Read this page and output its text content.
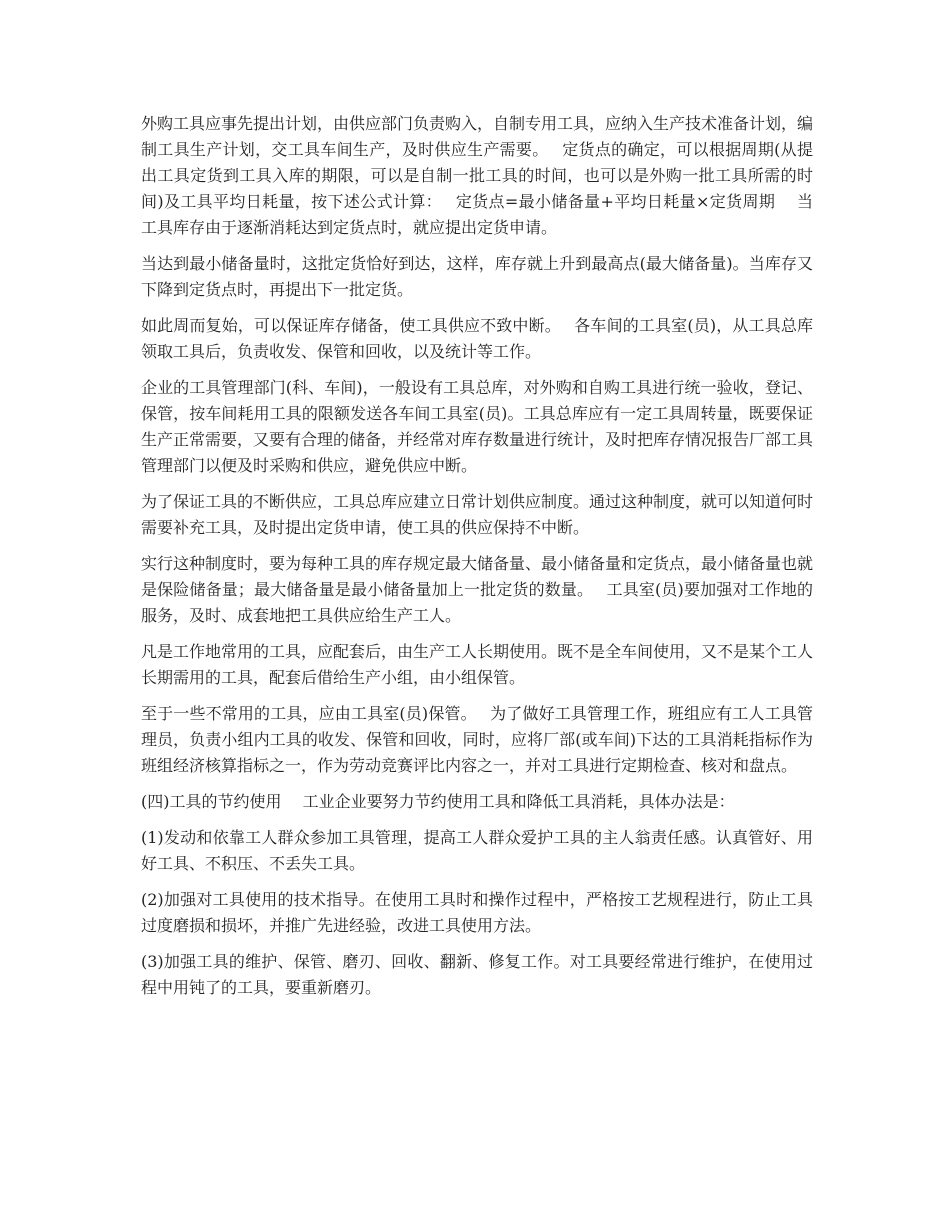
外购工具应事先提出计划，由供应部门负责购入，自制专用工具，应纳入生产技术准备计划，编制工具生产计划，交工具车间生产，及时供应生产需要。　 定货点的确定，可以根据周期(从提出工具定货到工具入库的期限，可以是自制一批工具的时间，也可以是外购一批工具所需的时间)及工具平均日耗量，按下述公式计算：　 定货点=最小储备量+平均日耗量×定货周期　 当工具库存由于逐渐消耗达到定货点时，就应提出定货申请。

当达到最小储备量时，这批定货恰好到达，这样，库存就上升到最高点(最大储备量)。当库存又下降到定货点时，再提出下一批定货。

如此周而复始，可以保证库存储备，使工具供应不致中断。　 各车间的工具室(员)，从工具总库领取工具后，负责收发、保管和回收，以及统计等工作。

企业的工具管理部门(科、车间)，一般设有工具总库，对外购和自购工具进行统一验收，登记、保管，按车间耗用工具的限额发送各车间工具室(员)。工具总库应有一定工具周转量，既要保证生产正常需要，又要有合理的储备，并经常对库存数量进行统计，及时把库存情况报告厂部工具管理部门以便及时采购和供应，避免供应中断。

为了保证工具的不断供应，工具总库应建立日常计划供应制度。通过这种制度，就可以知道何时需要补充工具，及时提出定货申请，使工具的供应保持不中断。

实行这种制度时，要为每种工具的库存规定最大储备量、最小储备量和定货点，最小储备量也就是保险储备量；最大储备量是最小储备量加上一批定货的数量。　 工具室(员)要加强对工作地的服务，及时、成套地把工具供应给生产工人。

凡是工作地常用的工具，应配套后，由生产工人长期使用。既不是全车间使用，又不是某个工人长期需用的工具，配套后借给生产小组，由小组保管。

至于一些不常用的工具，应由工具室(员)保管。　 为了做好工具管理工作，班组应有工人工具管理员，负责小组内工具的收发、保管和回收，同时，应将厂部(或车间)下达的工具消耗指标作为班组经济核算指标之一，作为劳动竞赛评比内容之一，并对工具进行定期检查、核对和盘点。

(四)工具的节约使用　 工业企业要努力节约使用工具和降低工具消耗，具体办法是：

(1)发动和依靠工人群众参加工具管理，提高工人群众爱护工具的主人翁责任感。认真管好、用好工具、不积压、不丢失工具。

(2)加强对工具使用的技术指导。在使用工具时和操作过程中，严格按工艺规程进行，防止工具过度磨损和损坏，并推广先进经验，改进工具使用方法。

(3)加强工具的维护、保管、磨刃、回收、翻新、修复工作。对工具要经常进行维护，在使用过程中用钝了的工具，要重新磨刃。
